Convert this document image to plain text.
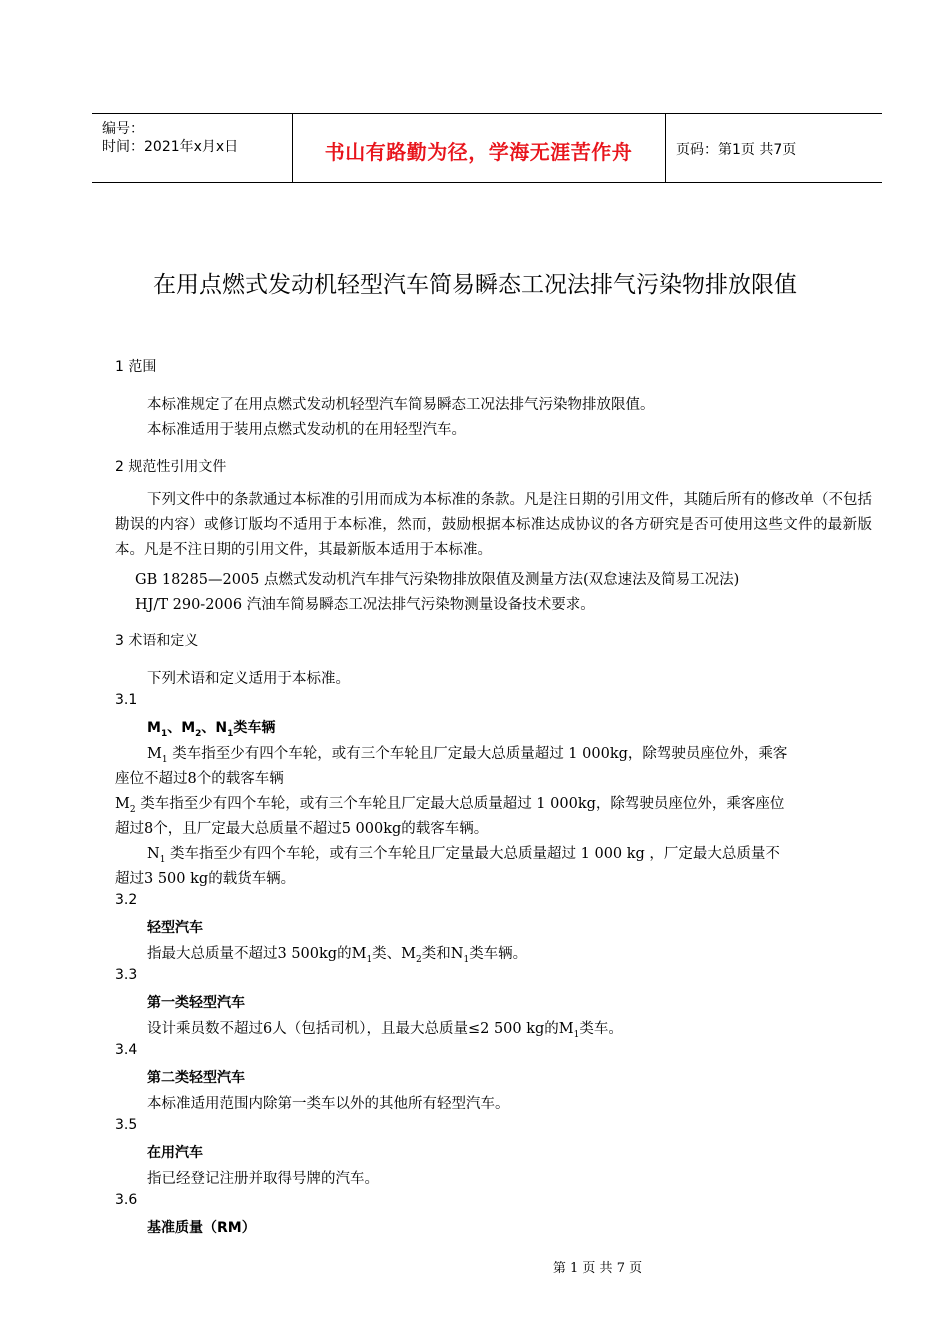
编号：
时间：2021年x月x日	书山有路勤为径，学海无涯苦作舟	页码：第1页 共7页
在用点燃式发动机轻型汽车简易瞬态工况法排气污染物排放限值
1 范围
本标准规定了在用点燃式发动机轻型汽车简易瞬态工况法排气污染物排放限值。
本标准适用于装用点燃式发动机的在用轻型汽车。
2 规范性引用文件
下列文件中的条款通过本标准的引用而成为本标准的条款。凡是注日期的引用文件，其随后所有的修改单（不包括勘误的内容）或修订版均不适用于本标准，然而，鼓励根据本标准达成协议的各方研究是否可使用这些文件的最新版本。凡是不注日期的引用文件，其最新版本适用于本标准。
GB 18285—2005 点燃式发动机汽车排气污染物排放限值及测量方法(双怠速法及简易工况法)
HJ/T 290-2006 汽油车简易瞬态工况法排气污染物测量设备技术要求。
3 术语和定义
下列术语和定义适用于本标准。
3.1
$M_1$、$M_2$、$N_1$类车辆
$M_1$ 类车指至少有四个车轮，或有三个车轮且厂定最大总质量超过 1 000kg，除驾驶员座位外，乘客
座位不超过8个的载客车辆
$M_2$ 类车指至少有四个车轮，或有三个车轮且厂定最大总质量超过 1 000kg，除驾驶员座位外，乘客座位
超过8个，且厂定最大总质量不超过5 000kg的载客车辆。
$N_1$ 类车指至少有四个车轮，或有三个车轮且厂定量最大总质量超过 1 000 kg ，厂定最大总质量不
超过3 500 kg的载货车辆。
3.2
轻型汽车
指最大总质量不超过3 500kg的$M_1$类、$M_2$类和$N_1$类车辆。
3.3
第一类轻型汽车
设计乘员数不超过6人（包括司机），且最大总质量≤2 500 kg的$M_1$类车。
3.4
第二类轻型汽车
本标准适用范围内除第一类车以外的其他所有轻型汽车。
3.5
在用汽车
指已经登记注册并取得号牌的汽车。
3.6
基准质量（RM）
第 1 页 共 7 页
